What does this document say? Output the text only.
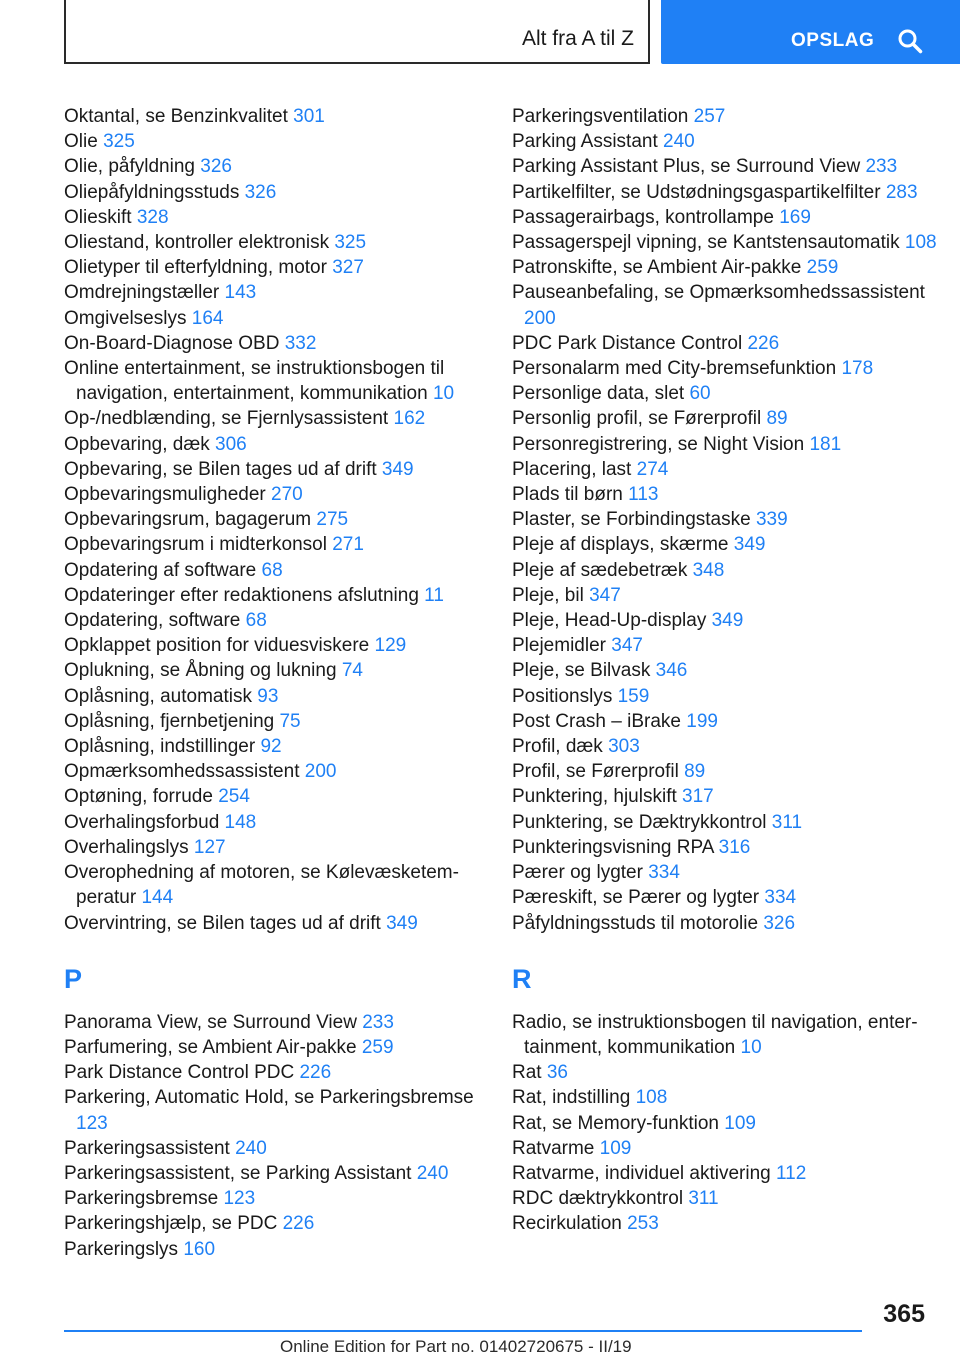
Alt fra A til Z	OPSLAG
Oktantal, se Benzinkvalitet 301
Olie 325
Olie, påfyldning 326
Oliepåfyldningsstuds 326
Olieskift 328
Oliestand, kontroller elektronisk 325
Olietyper til efterfyldning, motor 327
Omdrejningstæller 143
Omgivelseslys 164
On-Board-Diagnose OBD 332
Online entertainment, se instruktionsbogen til navigation, entertainment, kommunikation 10
Op-/nedblænding, se Fjernlysassistent 162
Opbevaring, dæk 306
Opbevaring, se Bilen tages ud af drift 349
Opbevaringsmuligheder 270
Opbevaringsrum, bagagerum 275
Opbevaringsrum i midterkonsol 271
Opdatering af software 68
Opdateringer efter redaktionens afslutning 11
Opdatering, software 68
Opklappet position for viduesviskere 129
Oplukning, se Åbning og lukning 74
Oplåsning, automatisk 93
Oplåsning, fjernbetjening 75
Oplåsning, indstillinger 92
Opmærksomhedssassistent 200
Optøning, forrude 254
Overhalingsforbud 148
Overhalingslys 127
Overophedning af motoren, se Kølevæsketemperatur 144
Overvintring, se Bilen tages ud af drift 349
P
Panorama View, se Surround View 233
Parfumering, se Ambient Air-pakke 259
Park Distance Control PDC 226
Parkering, Automatic Hold, se Parkeringsbremse 123
Parkeringsassistent 240
Parkeringsassistent, se Parking Assistant 240
Parkeringsbremse 123
Parkeringshjælp, se PDC 226
Parkeringslys 160
Parkeringsventilation 257
Parking Assistant 240
Parking Assistant Plus, se Surround View 233
Partikelfilter, se Udstødningsgaspartikelfilter 283
Passagerairbags, kontrollampe 169
Passagerspejl vipning, se Kantstensautomatik 108
Patronskifte, se Ambient Air-pakke 259
Pauseanbefaling, se Opmærksomhedssassistent 200
PDC Park Distance Control 226
Personalarm med City-bremsefunktion 178
Personlige data, slet 60
Personlig profil, se Førerprofil 89
Personregistrering, se Night Vision 181
Placering, last 274
Plads til børn 113
Plaster, se Forbindingstaske 339
Pleje af displays, skærme 349
Pleje af sædebetræk 348
Pleje, bil 347
Pleje, Head-Up-display 349
Plejemidler 347
Pleje, se Bilvask 346
Positionslys 159
Post Crash – iBrake 199
Profil, dæk 303
Profil, se Førerprofil 89
Punktering, hjulskift 317
Punktering, se Dæktrykkontrol 311
Punkteringsvisning RPA 316
Pærer og lygter 334
Pæreskift, se Pærer og lygter 334
Påfyldningsstuds til motorolie 326
R
Radio, se instruktionsbogen til navigation, entertainment, kommunikation 10
Rat 36
Rat, indstilling 108
Rat, se Memory-funktion 109
Ratvarme 109
Ratvarme, individuel aktivering 112
RDC dæktrykkontrol 311
Recirkulation 253
365
Online Edition for Part no. 01402720675 - II/19
